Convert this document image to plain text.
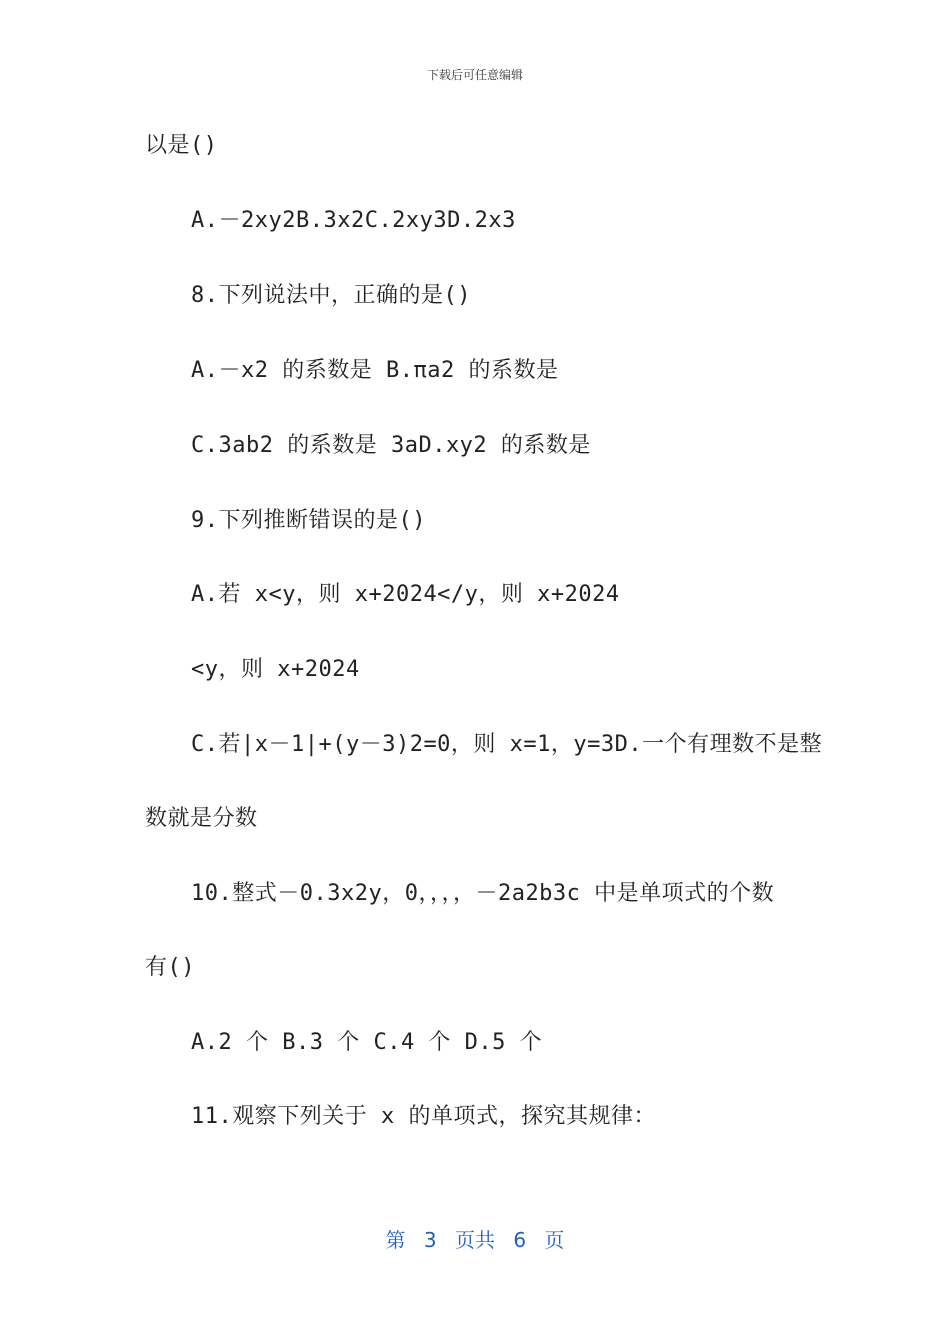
下载后可任意编辑
以是()
A.－2xy2B.3x2C.2xy3D.2x3
8.下列说法中，正确的是()
A.－x2 的系数是 B.πa2 的系数是
C.3ab2 的系数是 3aD.xy2 的系数是
9.下列推断错误的是()
A.若 x<y，则 x+2024</y，则 x+2024
<y，则 x+2024
C.若|x－1|+(y－3)2=0，则 x=1，y=3D.一个有理数不是整
数就是分数
10.整式－0.3x2y，0，，，，－2a2b3c 中是单项式的个数
有()
A.2 个 B.3 个 C.4 个 D.5 个
11.观察下列关于 x 的单项式，探究其规律：
第 3 页共 6 页
